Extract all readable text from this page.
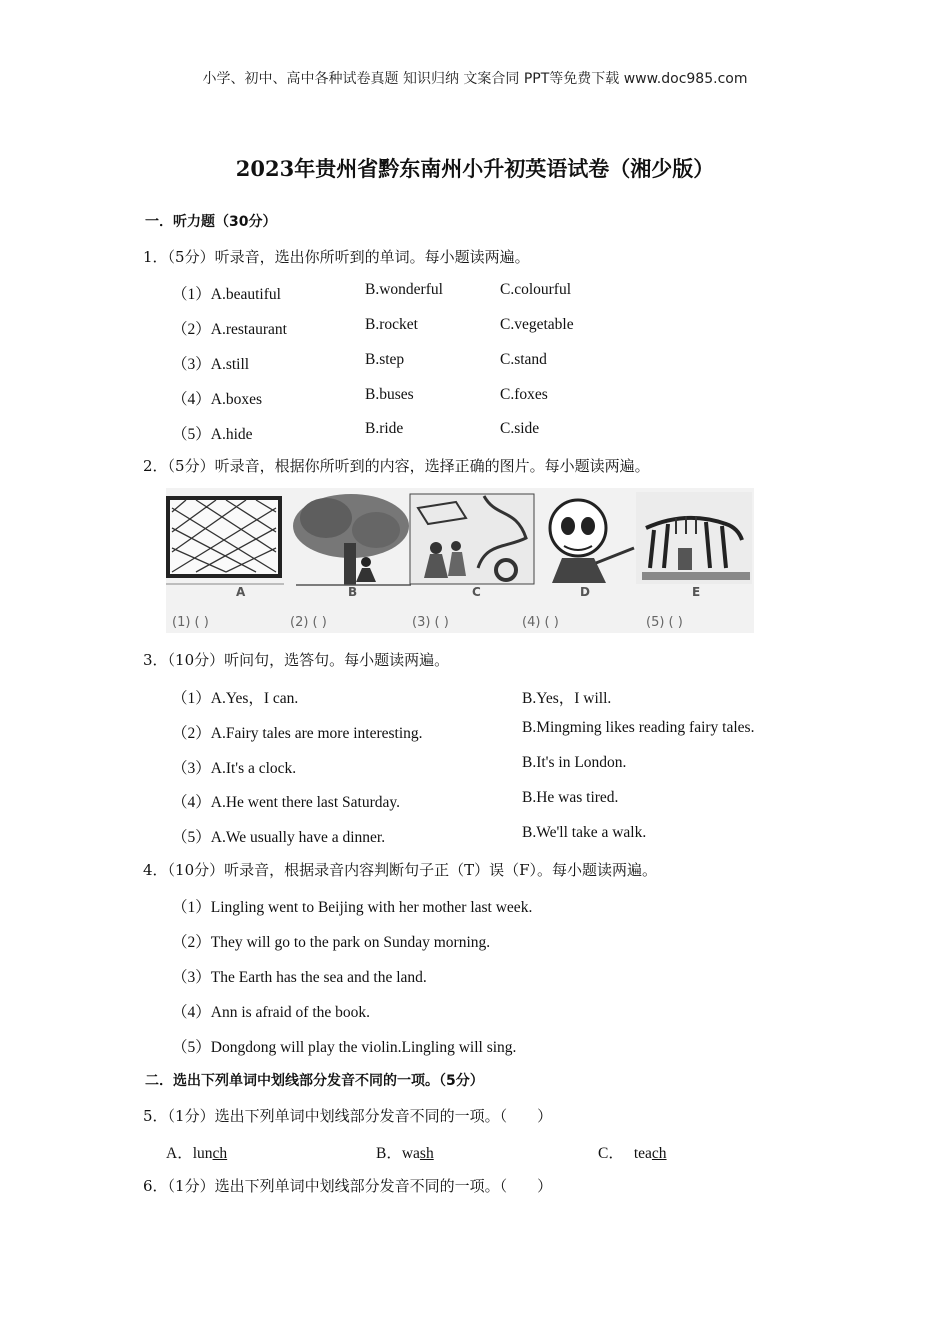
小学、初中、高中各种试卷真题 知识归纳 文案合同 PPT等免费下载 www.doc985.com
2023年贵州省黔东南州小升初英语试卷（湘少版）
一．听力题（30分）
1．（5分）听录音，选出你所听到的单词。每小题读两遍。
（1）A.beautiful	B.wonderful	C.colourful
（2）A.restaurant	B.rocket	C.vegetable
（3）A.still	B.step	C.stand
（4）A.boxes	B.buses	C.foxes
（5）A.hide	B.ride	C.side
2．（5分）听录音，根据你所听到的内容，选择正确的图片。每小题读两遍。
A	B	C	D	E
(1) ( )	(2) ( )	(3) ( )	(4) ( )	(5) ( )
3．（10分）听问句，选答句。每小题读两遍。
（1）A.Yes，I can.	B.Yes，I will.
（2）A.Fairy tales are more interesting.	B.Mingming likes reading fairy tales.
（3）A.It's a clock.	B.It's in London.
（4）A.He went there last Saturday.	B.He was tired.
（5）A.We usually have a dinner.	B.We'll take a walk.
4．（10分）听录音，根据录音内容判断句子正（T）误（F）。每小题读两遍。
（1）Lingling went to Beijing with her mother last week.
（2）They will go to the park on Sunday morning.
（3）The Earth has the sea and the land.
（4）Ann is afraid of the book.
（5）Dongdong will play the violin.Lingling will sing.
二．选出下列单词中划线部分发音不同的一项。（5分）
5．（1分）选出下列单词中划线部分发音不同的一项。（　　）
A．lunch	B．wash	C． teach
6．（1分）选出下列单词中划线部分发音不同的一项。（　　）
